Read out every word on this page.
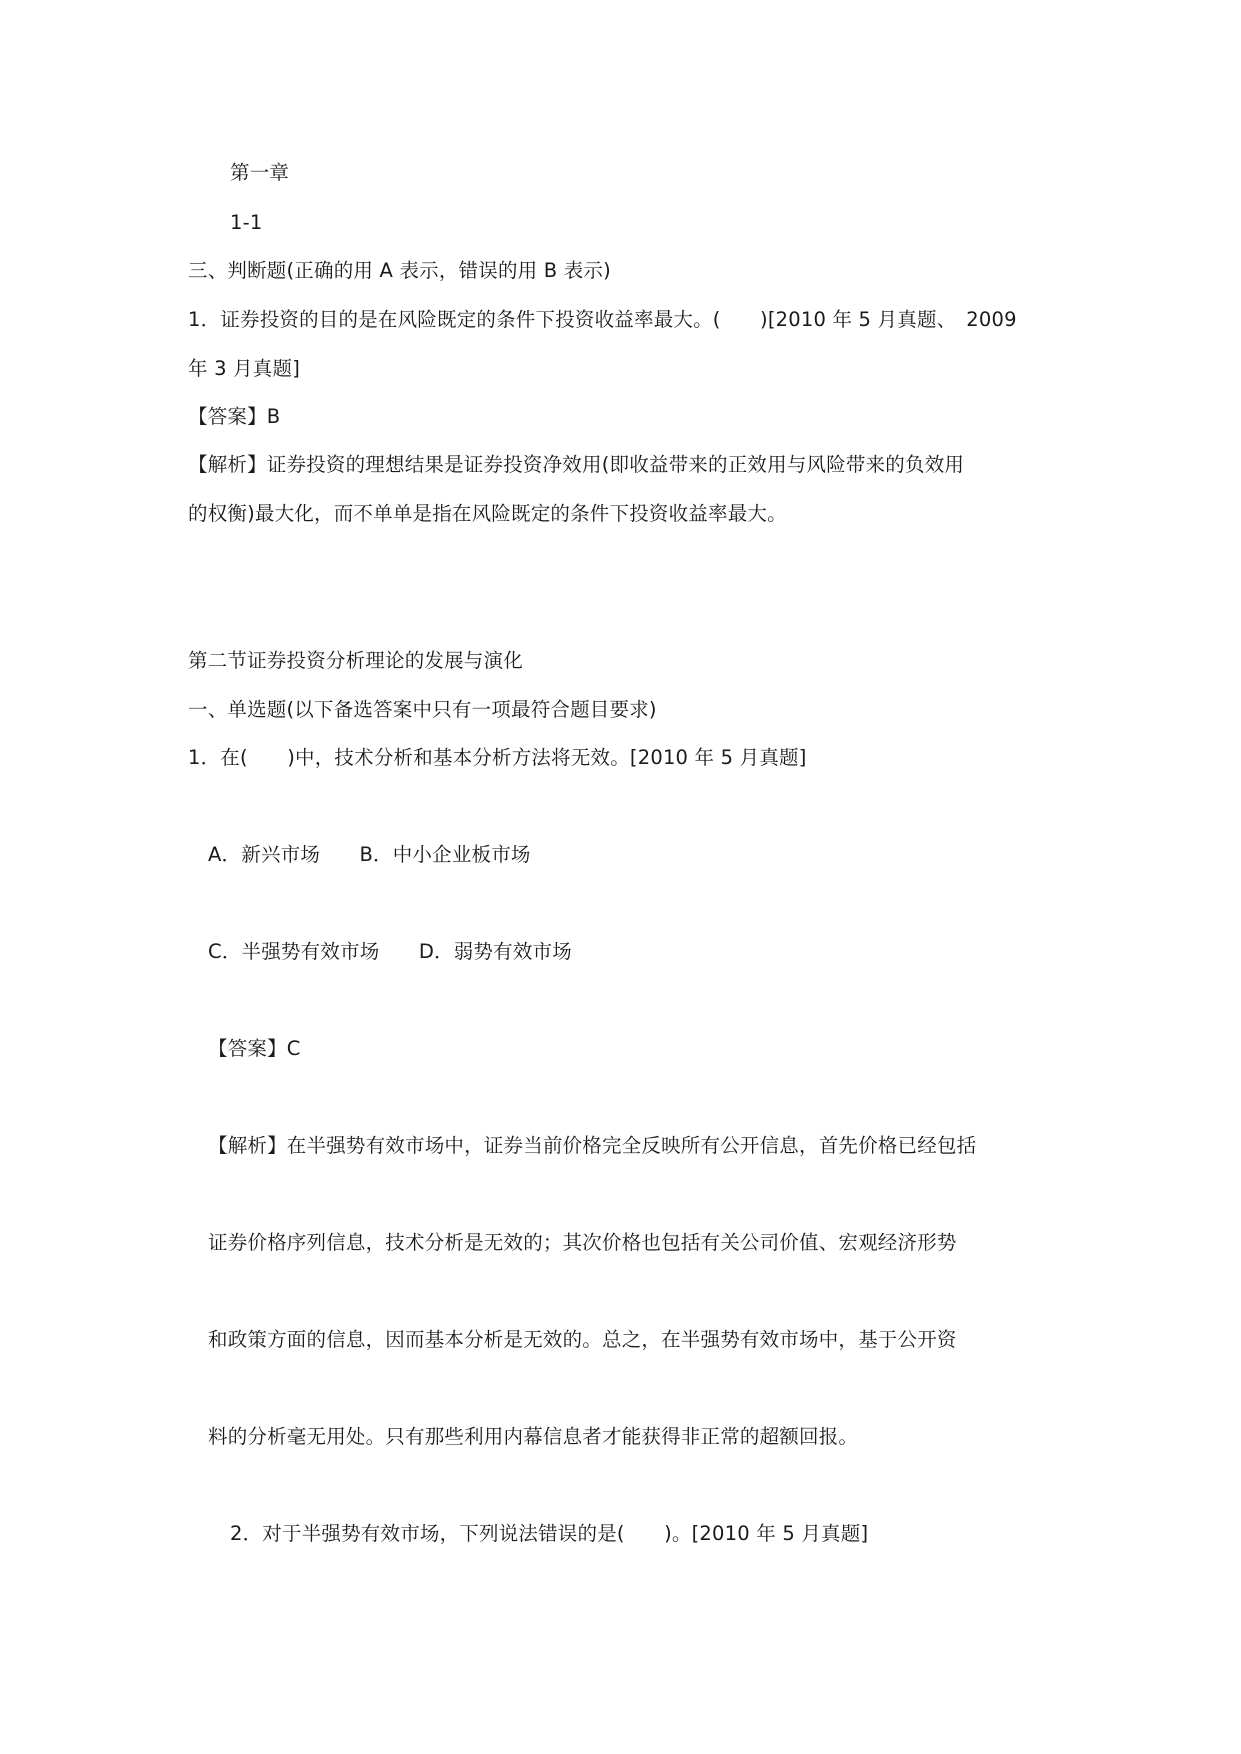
第一章
1-1
三、判断题(正确的用 A 表示，错误的用 B 表示)
1．证券投资的目的是在风险既定的条件下投资收益率最大。(　　)[2010 年 5 月真题、　2009
年 3 月真题]
【答案】B
【解析】证券投资的理想结果是证券投资净效用(即收益带来的正效用与风险带来的负效用
的权衡)最大化，而不单单是指在风险既定的条件下投资收益率最大。
第二节证券投资分析理论的发展与演化
一、单选题(以下备选答案中只有一项最符合题目要求)
1．在(　　)中，技术分析和基本分析方法将无效。[2010 年 5 月真题]
A．新兴市场　　B．中小企业板市场
C．半强势有效市场　　D．弱势有效市场
【答案】C
【解析】在半强势有效市场中，证券当前价格完全反映所有公开信息，首先价格已经包括
证券价格序列信息，技术分析是无效的；其次价格也包括有关公司价值、宏观经济形势
和政策方面的信息，因而基本分析是无效的。总之，在半强势有效市场中，基于公开资
料的分析毫无用处。只有那些利用内幕信息者才能获得非正常的超额回报。
2．对于半强势有效市场，下列说法错误的是(　　)。[2010 年 5 月真题]
